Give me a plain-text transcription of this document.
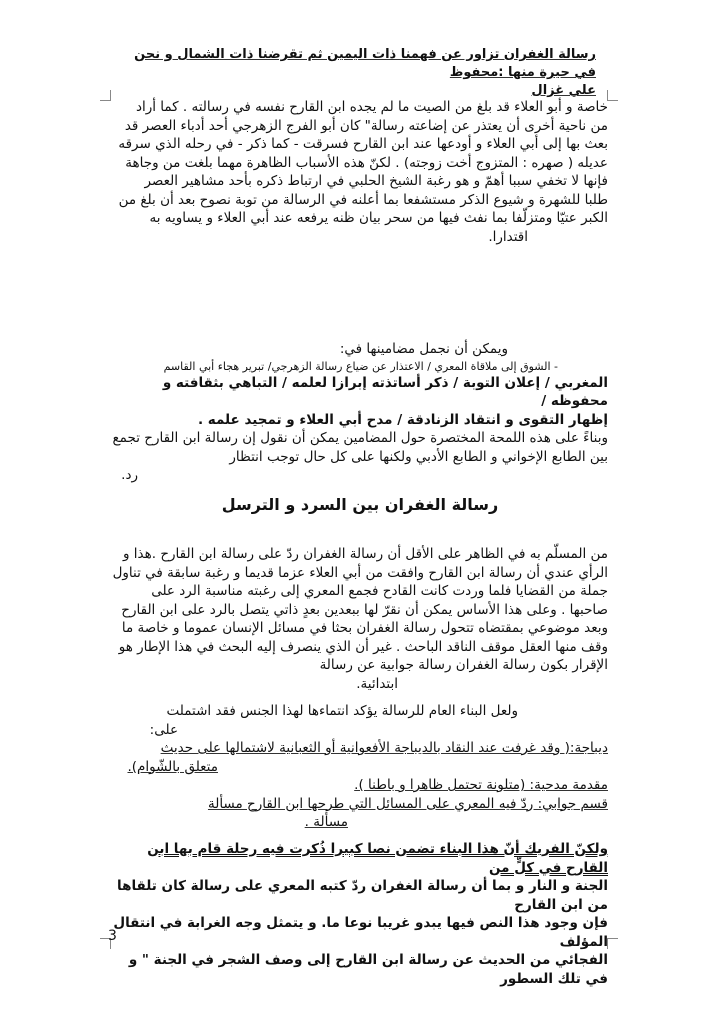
رسالة الغفران تزاور عن فهمنا ذات اليمين ثم تقرضنا ذات الشمال و نحن في حيرة منها :محفوظ
علي غزال
خاصة و أبو العلاء قد بلغ من الصيت ما لم يجده ابن القارح نفسه في رسالته . كما أراد
من ناحية أخرى أن يعتذر عن إضاعته رسالة" كان أبو الفرج الزهرجي أحد أدباء العصر قد
بعث بها إلى أبي العلاء و أودعها عند ابن القارح فسرقت - كما ذكر - في رحله الذي سرقه
عديله ( صهره : المتزوج أخت زوجته) . لكنّ هذه الأسباب الظاهرة مهما بلغت من وجاهة
فإنها لا تخفي سببا أهمّ و هو رغبة الشيخ الحلبي في ارتباط ذكره بأحد مشاهير العصر
طلبا للشهرة و شيوع الذكر مستشفعا بما أعلنه في الرسالة من توبة نصوح بعد أن بلغ من
الكبر عتيّا ومتزلّفا بما نفث فيها من سحر بيان ظنه يرفعه عند أبي العلاء و يساويه به
اقتدارا.
ويمكن أن نجمل مضامينها في:
- الشوق إلى ملاقاة المعري / الاعتذار عن ضياع رسالة الزهرجي/ تبرير هجاء أبي القاسم
المغربي / إعلان التوبة / ذكر أساتذته إبرازا لعلمه / التباهي بثقافته و محفوظه /
إظهار التقوى و انتقاد الزنادقة / مدح أبي العلاء و تمجيد علمه .
وبناءً على هذه اللمحة المختصرة حول المضامين يمكن أن نقول إن رسالة ابن القارح تجمع
بين الطابع الإخواني و الطابع الأدبي ولكنها على كل حال توجب انتظار
رد.
رسالة الغفران بين السرد و الترسل
من المسلّم به في الظاهر على الأقل أن رسالة الغفران ردّ على رسالة ابن القارح .هذا و
الرأي عندي أن رسالة ابن القارح وافقت من أبي العلاء عزما قديما و رغبة سابقة في تناول
جملة من القضايا فلما وردت كانت القادح فجمع المعري إلى رغبته مناسبة الرد على
صاحبها . وعلى هذا الأساس يمكن أن نقرّ لها ببعدين بعدٍ ذاتي يتصل بالرد على ابن القارح
وبعد موضوعي بمقتضاه تتحول رسالة الغفران بحثا في مسائل الإنسان عموما و خاصة ما
وقف منها العقل موقف الناقد الباحث . غير أن الذي ينصرف إليه البحث في هذا الإطار هو
الإقرار بكون رسالة الغفران رسالة جوابية عن رسالة
ابتدائية.
ولعل البناء العام للرسالة يؤكد انتماءها لهذا الجنس فقد اشتملت
على:
ديباجة:( وقد غرفت عند النقاد بالديباجة الأفعوانية أو الثعبانية لاشتمالها على حديث
متعلق بالشّوام).
مقدمة مدحية: (متلونة تحتمل ظاهرا و باطنا ).
قسم جوابي: ردّ فيه المعري على المسائل التي طرحها ابن القارح مسألة
مسألة .
ولكنّ الفريك أنّ هذا البناء تضمن نصا كبيرا ذُكرت فيه رحلة قام بها ابن القارح في كلٍّ من
الجنة و النار و بما أن رسالة الغفران ردّ كتبه المعري على رسالة كان تلقاها من ابن القارح
فإن وجود هذا النص فيها يبدو غريبا نوعا ما. و يتمثل وجه الغرابة في انتقال المؤلف
الفجائي من الحديث عن رسالة ابن القارح إلى وصف الشجر في الجنة " و في تلك السطور
3
